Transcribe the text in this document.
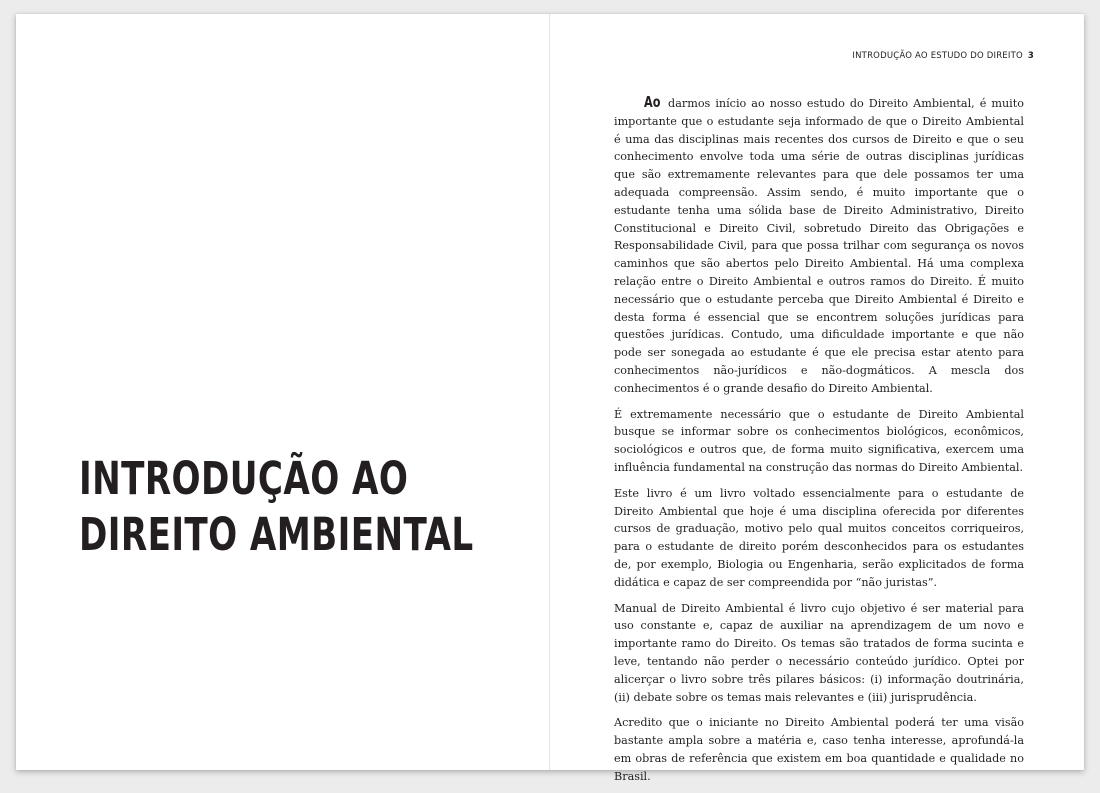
INTRODUÇÃO AO
DIREITO AMBIENTAL
INTRODUÇÃO AO ESTUDO DO DIREITO 3

Ao darmos início ao nosso estudo do Direito Ambiental, é muito importante que o estudante seja informado de que o Direito Ambiental é uma das disciplinas mais recentes dos cursos de Direito e que o seu conhecimento envolve toda uma série de outras disciplinas jurídicas que são extremamente relevantes para que dele possamos ter uma adequada compreensão. Assim sendo, é muito importante que o estudante tenha uma sólida base de Direito Administrativo, Direito Constitucional e Direito Civil, sobretudo Direito das Obrigações e Responsabilidade Civil, para que possa trilhar com segurança os novos caminhos que são abertos pelo Direito Ambiental. Há uma complexa relação entre o Direito Ambiental e outros ramos do Direito. É muito necessário que o estudante perceba que Direito Ambiental é Direito e desta forma é essencial que se encontrem soluções jurídicas para questões jurídicas. Contudo, uma dificuldade importante e que não pode ser sonegada ao estudante é que ele precisa estar atento para conhecimentos não-jurídicos e não-dogmáticos. A mescla dos conhecimentos é o grande desafio do Direito Ambiental.

É extremamente necessário que o estudante de Direito Ambiental busque se informar sobre os conhecimentos biológicos, econômicos, sociológicos e outros que, de forma muito significativa, exercem uma influência fundamental na construção das normas do Direito Ambiental.

Este livro é um livro voltado essencialmente para o estudante de Direito Ambiental que hoje é uma disciplina oferecida por diferentes cursos de graduação, motivo pelo qual muitos conceitos corriqueiros, para o estudante de direito porém desconhecidos para os estudantes de, por exemplo, Biologia ou Engenharia, serão explicitados de forma didática e capaz de ser compreendida por “não juristas”.

Manual de Direito Ambiental é livro cujo objetivo é ser material para uso constante e, capaz de auxiliar na aprendizagem de um novo e importante ramo do Direito. Os temas são tratados de forma sucinta e leve, tentando não perder o necessário conteúdo jurídico. Optei por alicerçar o livro sobre três pilares básicos: (i) informação doutrinária, (ii) debate sobre os temas mais relevantes e (iii) jurisprudência.

Acredito que o iniciante no Direito Ambiental poderá ter uma visão bastante ampla sobre a matéria e, caso tenha interesse, aprofundá-la em obras de referência que existem em boa quantidade e qualidade no Brasil.
